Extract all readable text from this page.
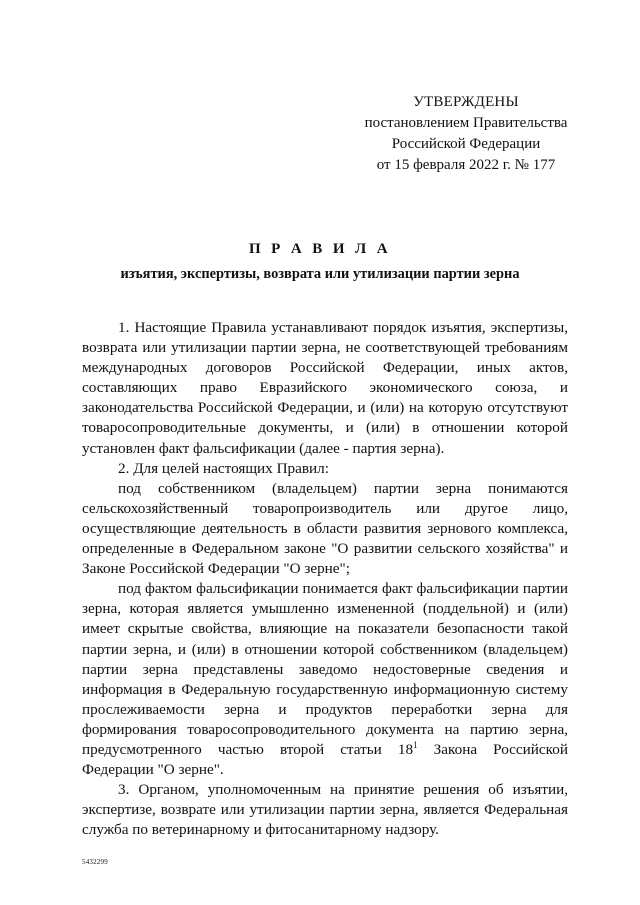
УТВЕРЖДЕНЫ
постановлением Правительства
Российской Федерации
от 15 февраля 2022 г. № 177
П Р А В И Л А
изъятия, экспертизы, возврата или утилизации партии зерна

1. Настоящие Правила устанавливают порядок изъятия, экспертизы, возврата или утилизации партии зерна, не соответствующей требованиям международных договоров Российской Федерации, иных актов, составляющих право Евразийского экономического союза, и законодательства Российской Федерации, и (или) на которую отсутствуют товаросопроводительные документы, и (или) в отношении которой установлен факт фальсификации (далее - партия зерна).

2. Для целей настоящих Правил:

под собственником (владельцем) партии зерна понимаются сельскохозяйственный товаропроизводитель или другое лицо, осуществляющие деятельность в области развития зернового комплекса, определенные в Федеральном законе "О развитии сельского хозяйства" и Законе Российской Федерации "О зерне";

под фактом фальсификации понимается факт фальсификации партии зерна, которая является умышленно измененной (поддельной) и (или) имеет скрытые свойства, влияющие на показатели безопасности такой партии зерна, и (или) в отношении которой собственником (владельцем) партии зерна представлены заведомо недостоверные сведения и информация в Федеральную государственную информационную систему прослеживаемости зерна и продуктов переработки зерна для формирования товаросопроводительного документа на партию зерна, предусмотренного частью второй статьи $18^1$ Закона Российской Федерации "О зерне".

3. Органом, уполномоченным на принятие решения об изъятии, экспертизе, возврате или утилизации партии зерна, является Федеральная служба по ветеринарному и фитосанитарному надзору.

5432299
